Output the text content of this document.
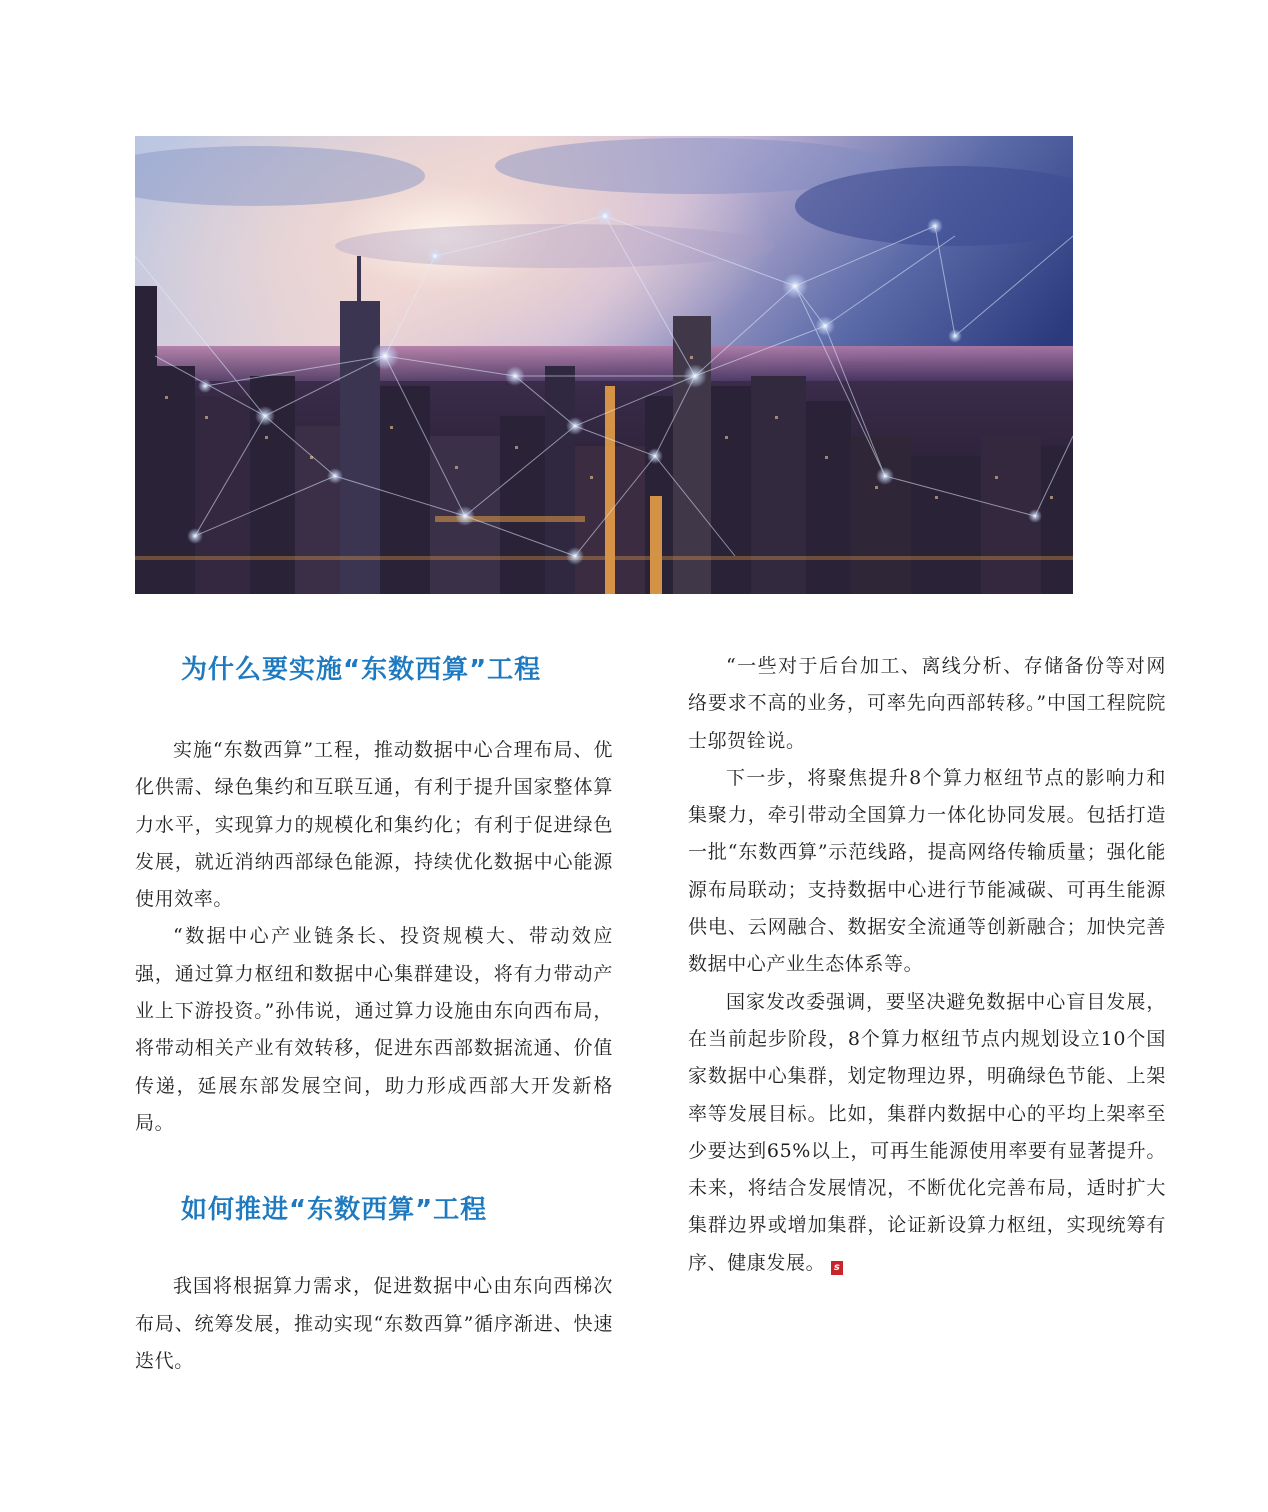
为什么要实施“东数西算”工程

实施“东数西算”工程，推动数据中心合理布局、优化供需、绿色集约和互联互通，有利于提升国家整体算力水平，实现算力的规模化和集约化；有利于促进绿色发展，就近消纳西部绿色能源，持续优化数据中心能源使用效率。

“数据中心产业链条长、投资规模大、带动效应强，通过算力枢纽和数据中心集群建设，将有力带动产业上下游投资。”孙伟说，通过算力设施由东向西布局，将带动相关产业有效转移，促进东西部数据流通、价值传递，延展东部发展空间，助力形成西部大开发新格局。

如何推进“东数西算”工程

我国将根据算力需求，促进数据中心由东向西梯次布局、统筹发展，推动实现“东数西算”循序渐进、快速迭代。

“一些对于后台加工、离线分析、存储备份等对网络要求不高的业务，可率先向西部转移。”中国工程院院士邬贺铨说。

下一步，将聚焦提升8个算力枢纽节点的影响力和集聚力，牵引带动全国算力一体化协同发展。包括打造一批“东数西算”示范线路，提高网络传输质量；强化能源布局联动；支持数据中心进行节能减碳、可再生能源供电、云网融合、数据安全流通等创新融合；加快完善数据中心产业生态体系等。

国家发改委强调，要坚决避免数据中心盲目发展，在当前起步阶段，8个算力枢纽节点内规划设立10个国家数据中心集群，划定物理边界，明确绿色节能、上架率等发展目标。比如，集群内数据中心的平均上架率至少要达到65%以上，可再生能源使用率要有显著提升。未来，将结合发展情况，不断优化完善布局，适时扩大集群边界或增加集群，论证新设算力枢纽，实现统筹有序、健康发展。 s
